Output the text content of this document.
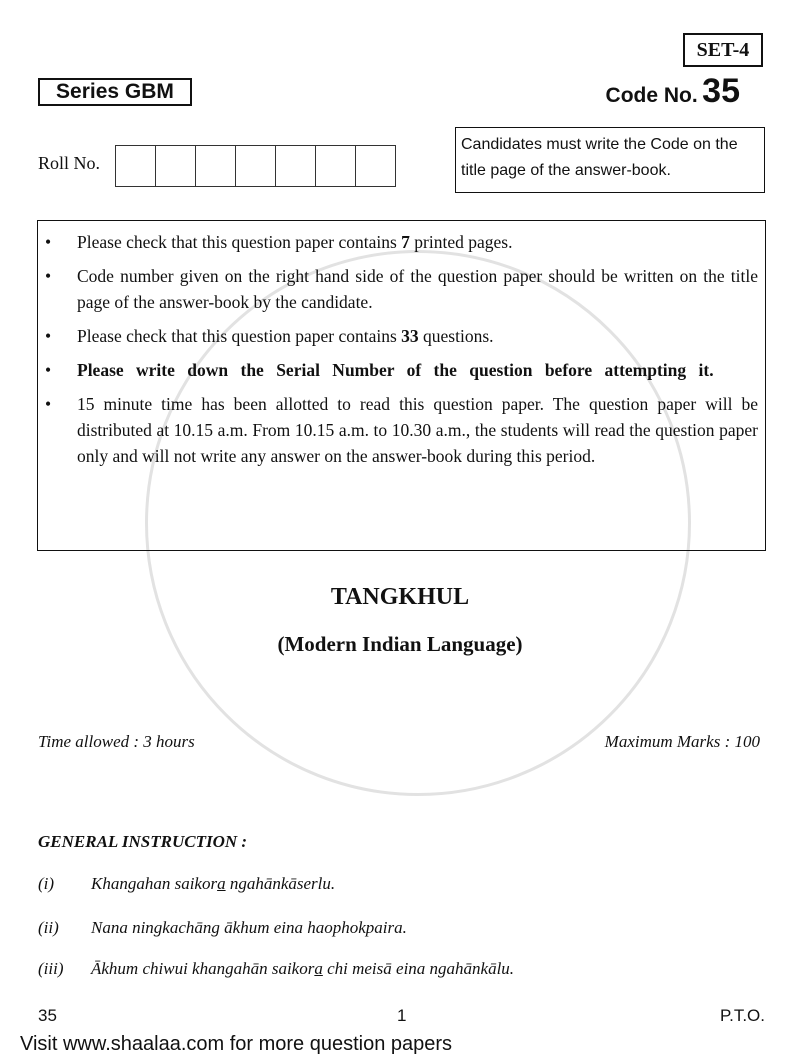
SET-4
Series GBM	Code No. 35
Roll No.
Candidates must write the Code on the title page of the answer-book.
• Please check that this question paper contains 7 printed pages.
• Code number given on the right hand side of the question paper should be written on the title page of the answer-book by the candidate.
• Please check that this question paper contains 33 questions.
• Please write down the Serial Number of the question before attempting it.
• 15 minute time has been allotted to read this question paper. The question paper will be distributed at 10.15 a.m. From 10.15 a.m. to 10.30 a.m., the students will read the question paper only and will not write any answer on the answer-book during this period.
TANGKHUL
(Modern Indian Language)
Time allowed : 3 hours	Maximum Marks : 100
GENERAL INSTRUCTION :
(i) Khangahan saikora ngahānkāserlu.
(ii) Nana ningkachāng ākhum eina haophokpaira.
(iii) Ākhum chiwui khangahān saikora chi meisā eina ngahānkālu.
35	1	P.T.O.
Visit www.shaalaa.com for more question papers
